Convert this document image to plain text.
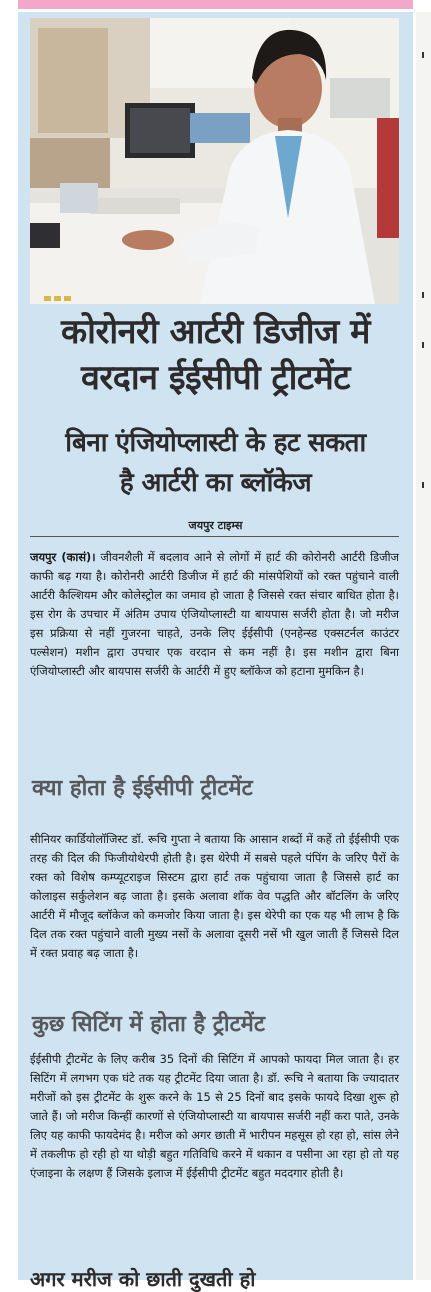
कोरोनरी आर्टरी डिजीज में
वरदान ईईसीपी ट्रीटमेंट
बिना एंजियोप्लास्टी के हट सकता
है आर्टरी का ब्लॉकेज
जयपुर टाइम्स
जयपुर (कासं)। जीवनशैली में बदलाव आने से लोगों में हार्ट की कोरोनरी आर्टरी डिजीज काफी बढ़ गया है। कोरोनरी आर्टरी डिजीज में हार्ट की मांसपेशियों को रक्त पहुंचाने वाली आर्टरी कैल्शियम और कोलेस्ट्रोल का जमाव हो जाता है जिससे रक्त संचार बाधित होता है। इस रोग के उपचार में अंतिम उपाय एंजियोप्लास्टी या बायपास सर्जरी होता है। जो मरीज इस प्रक्रिया से नहीं गुजरना चाहते, उनके लिए ईईसीपी (एनहेन्स्ड एक्सटर्नल काउंटर पल्सेशन) मशीन द्वारा उपचार एक वरदान से कम नहीं है। इस मशीन द्वारा बिना एंजियोप्लास्टी और बायपास सर्जरी के आर्टरी में हुए ब्लॉकेज को हटाना मुमकिन है।
क्या होता है ईईसीपी ट्रीटमेंट
सीनियर कार्डियोलॉजिस्ट डॉ. रूचि गुप्ता ने बताया कि आसान शब्दों में कहें तो ईईसीपी एक तरह की दिल की फिजीयोथेरपी होती है। इस थेरेपी में सबसे पहले पंपिंग के जरिए पैरों के रक्त को विशेष कम्प्यूटराइज सिस्टम द्वारा हार्ट तक पहुंचाया जाता है जिससे हार्ट का कोलाइस सर्कुलेशन बढ़ जाता है। इसके अलावा शॉक वेव पद्धति और बॉटलिंग के जरिए आर्टरी में मौजूद ब्लॉकेज को कमजोर किया जाता है। इस थेरेपी का एक यह भी लाभ है कि दिल तक रक्त पहुंचाने वाली मुख्य नसों के अलावा दूसरी नसें भी खुल जाती हैं जिससे दिल में रक्त प्रवाह बढ़ जाता है।
कुछ सिटिंग में होता है ट्रीटमेंट
ईईसीपी ट्रीटमेंट के लिए करीब 35 दिनों की सिटिंग में आपको फायदा मिल जाता है। हर सिटिंग में लगभग एक घंटे तक यह ट्रीटमेंट दिया जाता है। डॉ. रूचि ने बताया कि ज्यादातर मरीजों को इस ट्रीटमेंट के शुरू करने के 15 से 25 दिनों बाद इसके फायदे दिखा शुरू हो जाते हैं। जो मरीज किन्हीं कारणों से एंजियोप्लास्टी या बायपास सर्जरी नहीं करा पाते, उनके लिए यह काफी फायदेमंद है। मरीज को अगर छाती में भारीपन महसूस हो रहा हो, सांस लेने में तकलीफ हो रही हो या थोड़ी बहुत गतिविधि करने में थकान व पसीना आ रहा हो तो यह एंजाइना के लक्षण हैं जिसके इलाज में ईईसीपी ट्रीटमेंट बहुत मददगार होती है।
अगर मरीज को छाती दुखती हो
